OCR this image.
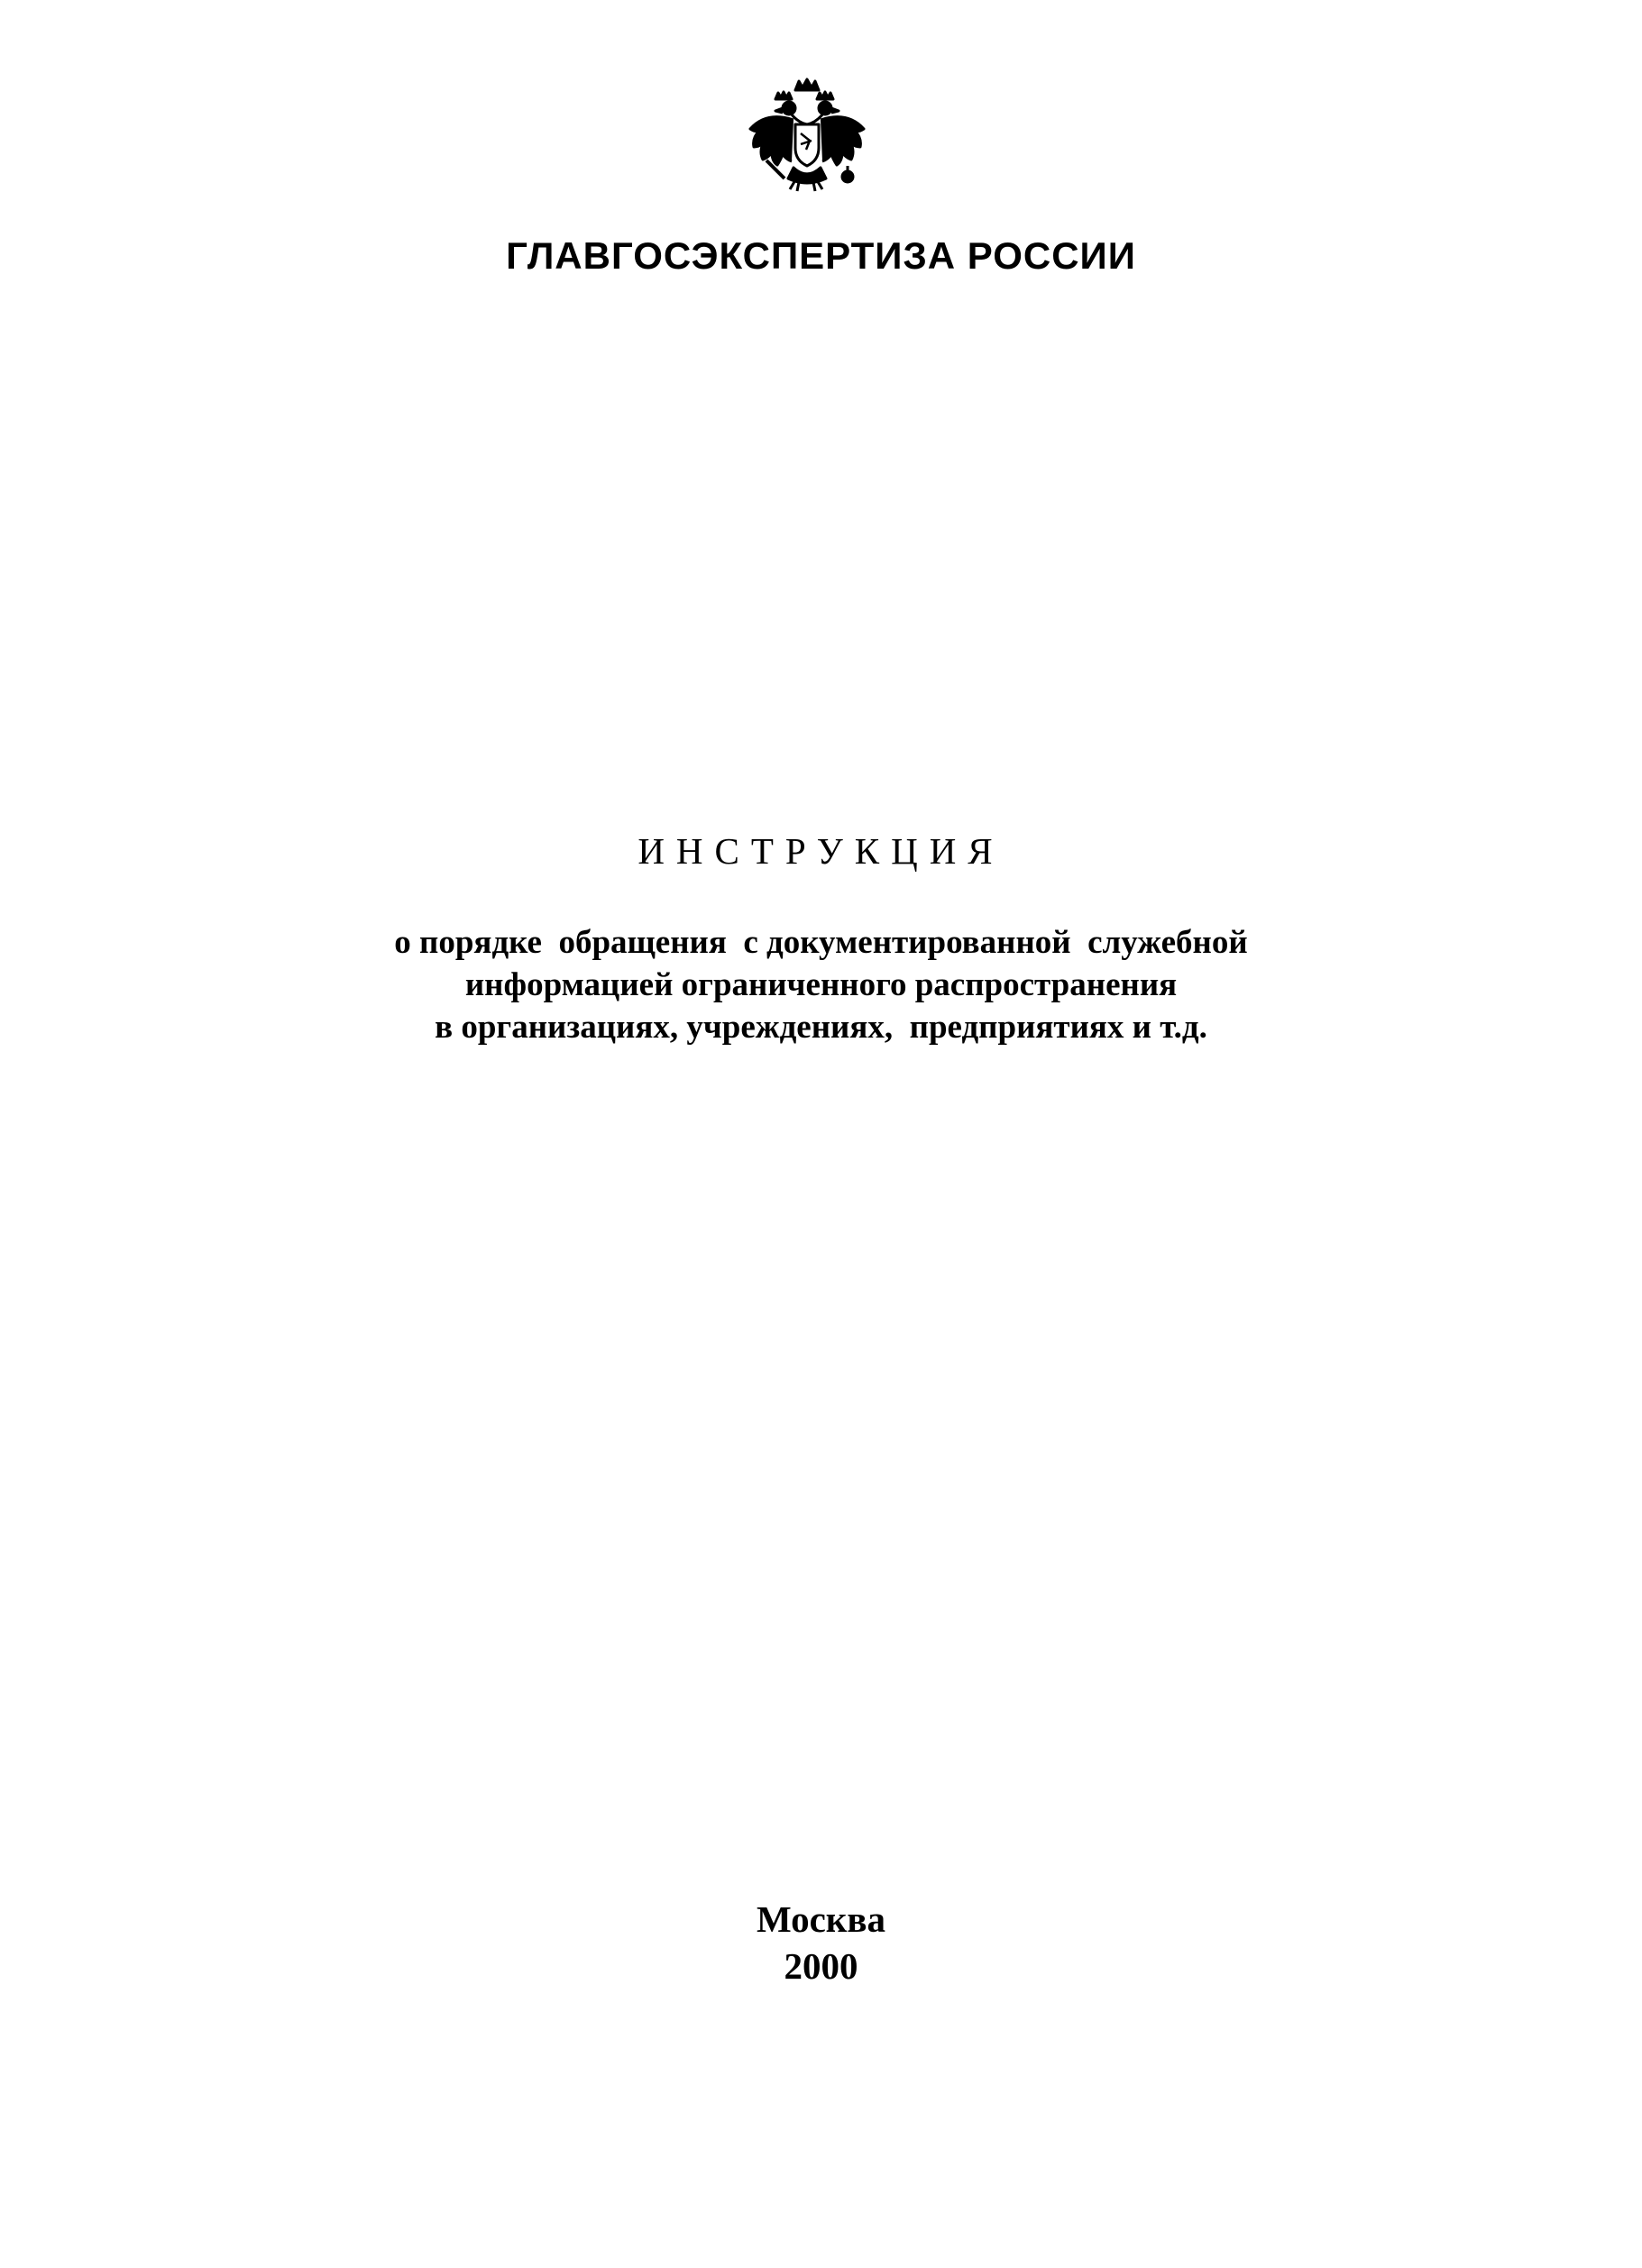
ГЛАВГОСЭКСПЕРТИЗА РОССИИ
ИНСТРУКЦИЯ
о порядке  обращения  с документированной  служебной
информацией ограниченного распространения
в организациях, учреждениях,  предприятиях и т.д.
Москва
2000
